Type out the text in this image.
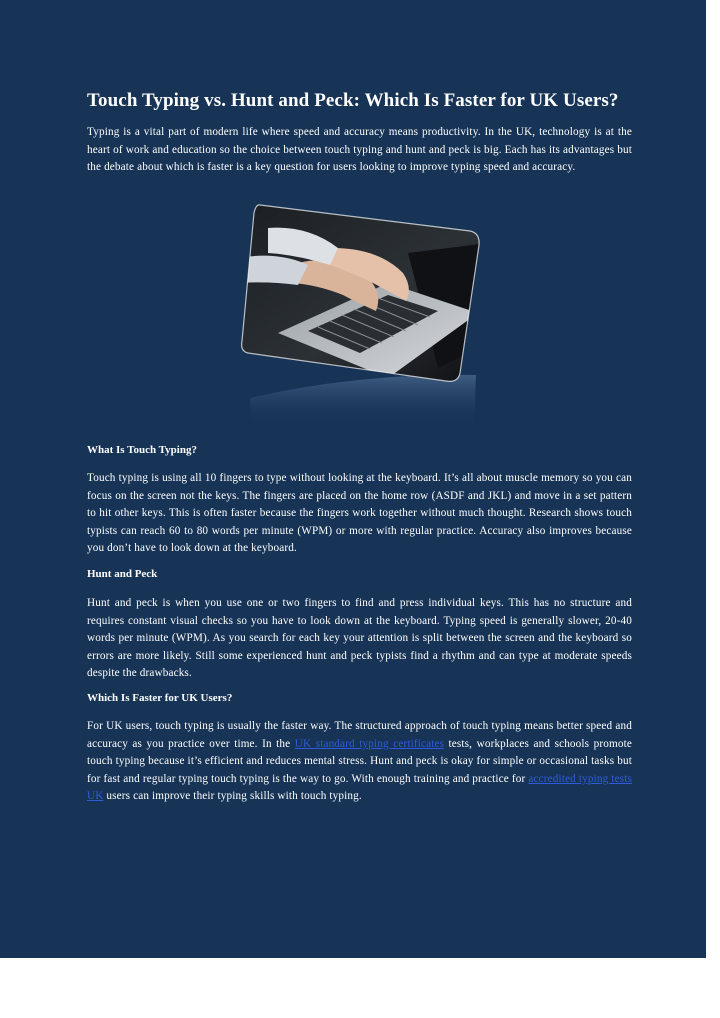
Touch Typing vs. Hunt and Peck: Which Is Faster for UK Users?

Typing is a vital part of modern life where speed and accuracy means productivity. In the UK, technology is at the heart of work and education so the choice between touch typing and hunt and peck is big. Each has its advantages but the debate about which is faster is a key question for users looking to improve typing speed and accuracy.

What Is Touch Typing?

Touch typing is using all 10 fingers to type without looking at the keyboard. It’s all about muscle memory so you can focus on the screen not the keys. The fingers are placed on the home row (ASDF and JKL) and move in a set pattern to hit other keys. This is often faster because the fingers work together without much thought. Research shows touch typists can reach 60 to 80 words per minute (WPM) or more with regular practice. Accuracy also improves because you don’t have to look down at the keyboard.

Hunt and Peck

Hunt and peck is when you use one or two fingers to find and press individual keys. This has no structure and requires constant visual checks so you have to look down at the keyboard. Typing speed is generally slower, 20-40 words per minute (WPM). As you search for each key your attention is split between the screen and the keyboard so errors are more likely. Still some experienced hunt and peck typists find a rhythm and can type at moderate speeds despite the drawbacks.

Which Is Faster for UK Users?

For UK users, touch typing is usually the faster way. The structured approach of touch typing means better speed and accuracy as you practice over time. In the UK standard typing certificates tests, workplaces and schools promote touch typing because it’s efficient and reduces mental stress. Hunt and peck is okay for simple or occasional tasks but for fast and regular typing touch typing is the way to go. With enough training and practice for accredited typing tests UK users can improve their typing skills with touch typing.
